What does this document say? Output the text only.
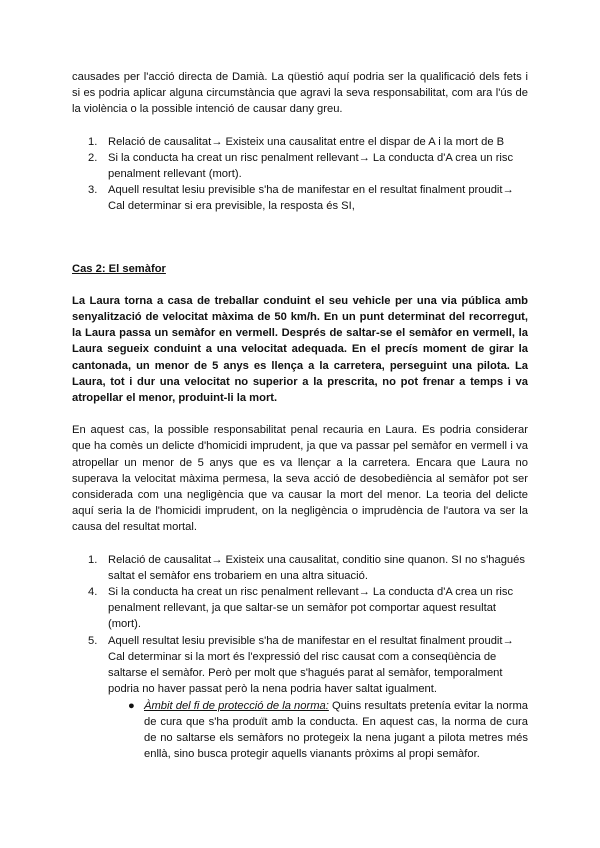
causades per l'acció directa de Damià. La qüestió aquí podria ser la qualificació dels fets i si es podria aplicar alguna circumstància que agravi la seva responsabilitat, com ara l'ús de la violència o la possible intenció de causar dany greu.

1. Relació de causalitat→ Existeix una causalitat entre el dispar de A i la mort de B
2. Si la conducta ha creat un risc penalment rellevant→ La conducta d'A crea un risc penalment rellevant (mort).
3. Aquell resultat lesiu previsible s'ha de manifestar en el resultat finalment proudit→ Cal determinar si era previsible, la resposta és SI,

Cas 2: El semàfor

La Laura torna a casa de treballar conduint el seu vehicle per una via pública amb senyalització de velocitat màxima de 50 km/h. En un punt determinat del recorregut, la Laura passa un semàfor en vermell. Després de saltar-se el semàfor en vermell, la Laura segueix conduint a una velocitat adequada. En el precís moment de girar la cantonada, un menor de 5 anys es llença a la carretera, perseguint una pilota. La Laura, tot i dur una velocitat no superior a la prescrita, no pot frenar a temps i va atropellar el menor, produint-li la mort.

En aquest cas, la possible responsabilitat penal recauria en Laura. Es podria considerar que ha comès un delicte d'homicidi imprudent, ja que va passar pel semàfor en vermell i va atropellar un menor de 5 anys que es va llençar a la carretera. Encara que Laura no superava la velocitat màxima permesa, la seva acció de desobediència al semàfor pot ser considerada com una negligència que va causar la mort del menor. La teoria del delicte aquí seria la de l'homicidi imprudent, on la negligència o imprudència de l'autora va ser la causa del resultat mortal.

1. Relació de causalitat→ Existeix una causalitat, conditio sine quanon. SI no s'hagués saltat el semàfor ens trobariem en una altra situació.
4. Si la conducta ha creat un risc penalment rellevant→ La conducta d'A crea un risc penalment rellevant, ja que saltar-se un semàfor pot comportar aquest resultat (mort).
5. Aquell resultat lesiu previsible s'ha de manifestar en el resultat finalment proudit→ Cal determinar si la mort és l'expressió del risc causat com a conseqüència de saltarse el semàfor. Però per molt que s'hagués parat al semàfor, temporalment podria no haver passat però la nena podria haver saltat igualment.
● Àmbit del fi de protecció de la norma: Quins resultats pretenía evitar la norma de cura que s'ha produït amb la conducta. En aquest cas, la norma de cura de no saltarse els semàfors no protegeix la nena jugant a pilota metres més enllà, sino busca protegir aquells vianants pròxims al propi semàfor.
